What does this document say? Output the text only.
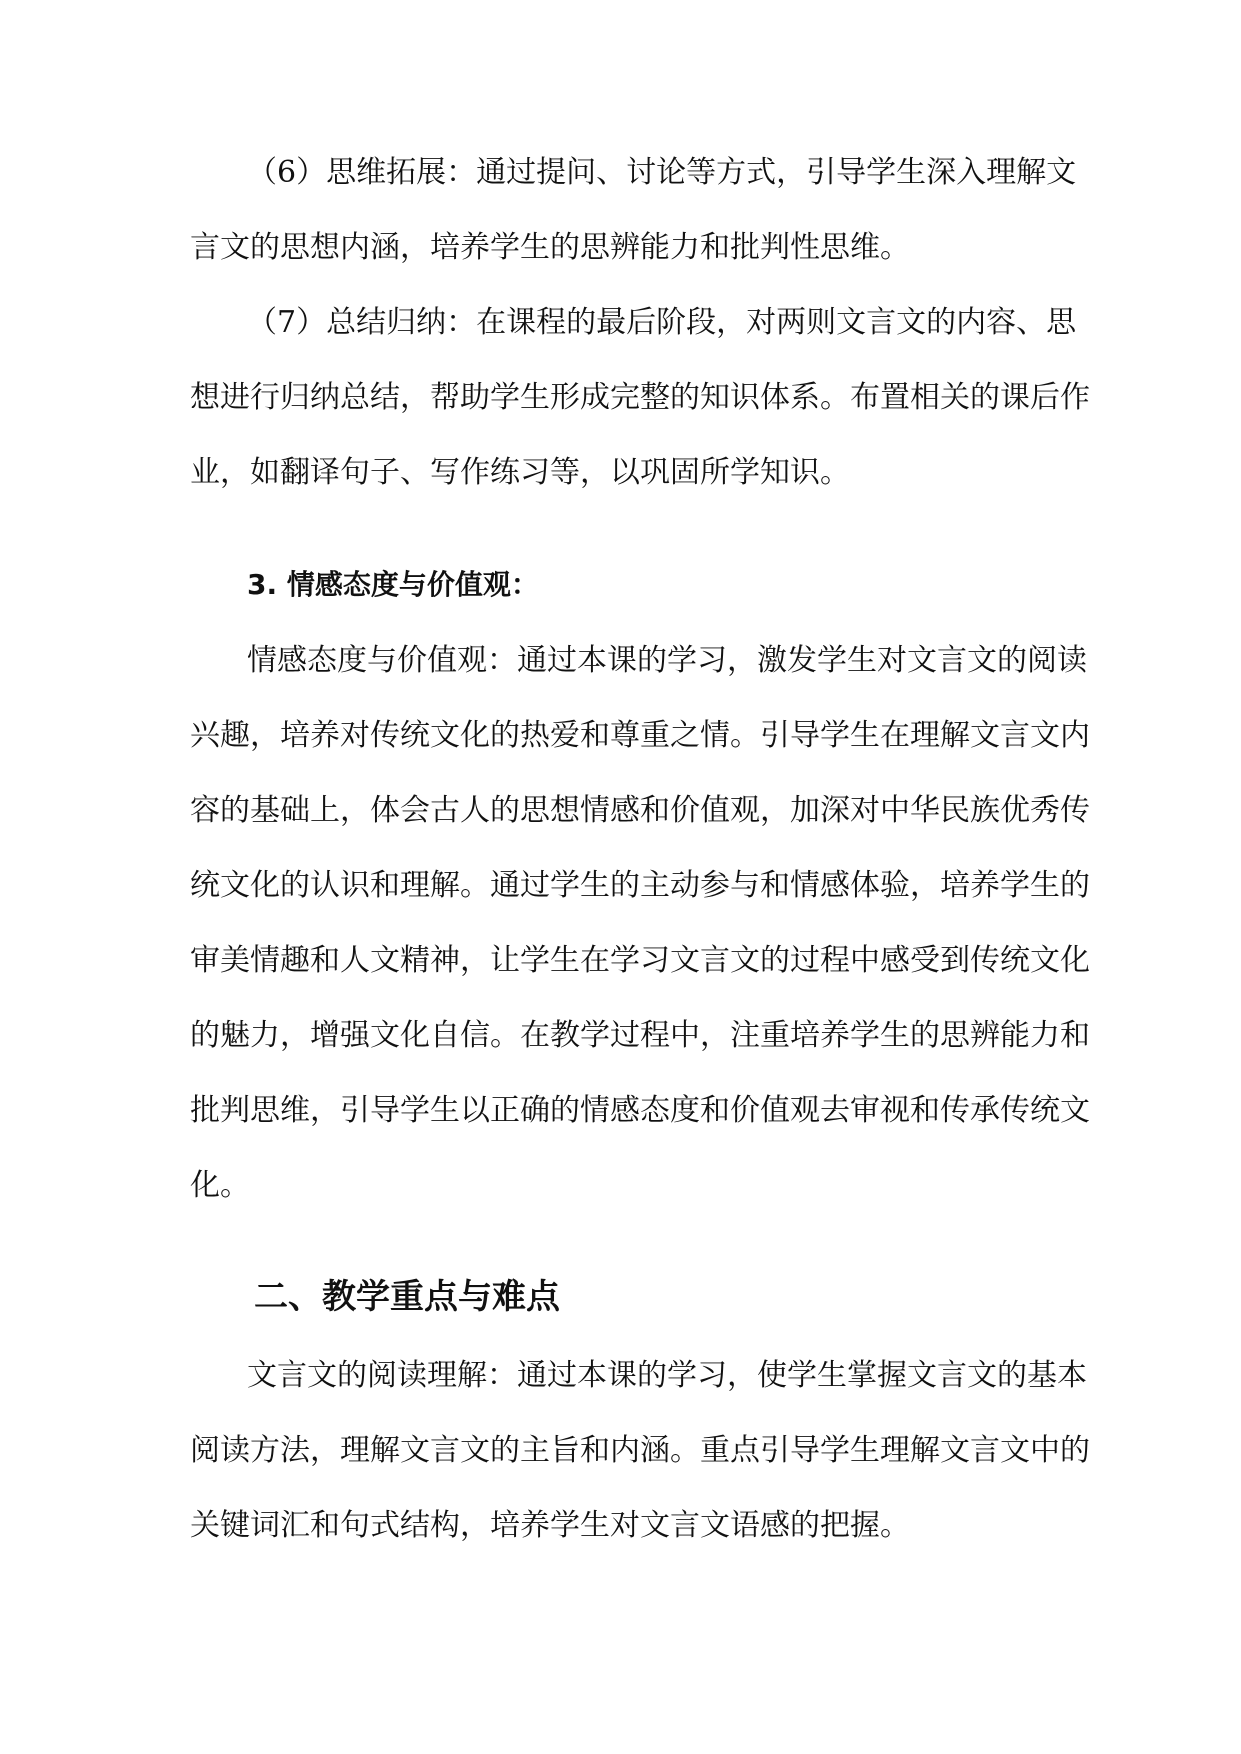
（6）思维拓展：通过提问、讨论等方式，引导学生深入理解文
言文的思想内涵，培养学生的思辨能力和批判性思维。
（7）总结归纳：在课程的最后阶段，对两则文言文的内容、思
想进行归纳总结，帮助学生形成完整的知识体系。布置相关的课后作
业，如翻译句子、写作练习等，以巩固所学知识。
3. 情感态度与价值观：
情感态度与价值观：通过本课的学习，激发学生对文言文的阅读
兴趣，培养对传统文化的热爱和尊重之情。引导学生在理解文言文内
容的基础上，体会古人的思想情感和价值观，加深对中华民族优秀传
统文化的认识和理解。通过学生的主动参与和情感体验，培养学生的
审美情趣和人文精神，让学生在学习文言文的过程中感受到传统文化
的魅力，增强文化自信。在教学过程中，注重培养学生的思辨能力和
批判思维，引导学生以正确的情感态度和价值观去审视和传承传统文
化。
二、教学重点与难点
文言文的阅读理解：通过本课的学习，使学生掌握文言文的基本
阅读方法，理解文言文的主旨和内涵。重点引导学生理解文言文中的
关键词汇和句式结构，培养学生对文言文语感的把握。
